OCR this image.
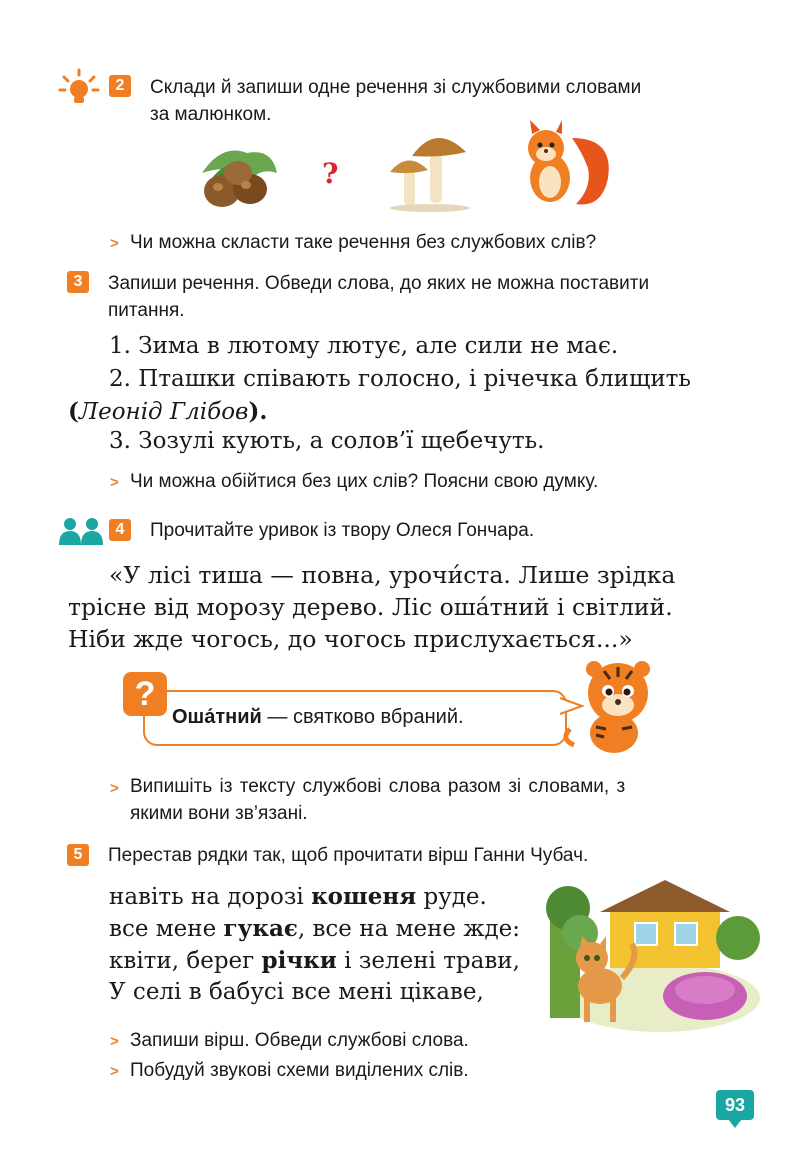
2	Склади й запиши одне речення зі службовими словами
за малюнком.
?
> Чи можна скласти таке речення без службових слів?
3	Запиши речення. Обведи слова, до яких не можна поставити
питання.
1. Зима в лютому лютує, але сили не має.
2. Пташки співають голосно, і річечка блищить
(Леонід Глібов).
3. Зозулі кують, а солов’ї щебечуть.
> Чи можна обійтися без цих слів? Поясни свою думку.
4	Прочитайте уривок із твору Олеся Гончара.
«У лісі тиша — повна, урочи́ста. Лише зрідка
трісне від морозу дерево. Ліс оша́тний і світлий.
Ніби жде чогось, до чогось прислухається...»
?
Оша́тний — святково вбраний.
> Випишіть із тексту службові слова разом зі словами, з
якими вони зв’язані.
5	Перестав рядки так, щоб прочитати вірш Ганни Чубач.
навіть на дорозі кошеня руде.
все мене гукає, все на мене жде:
квіти, берег річки і зелені трави,
У селі в бабусі все мені цікаве,
> Запиши вірш. Обведи службові слова.
> Побудуй звукові схеми виділених слів.
93
